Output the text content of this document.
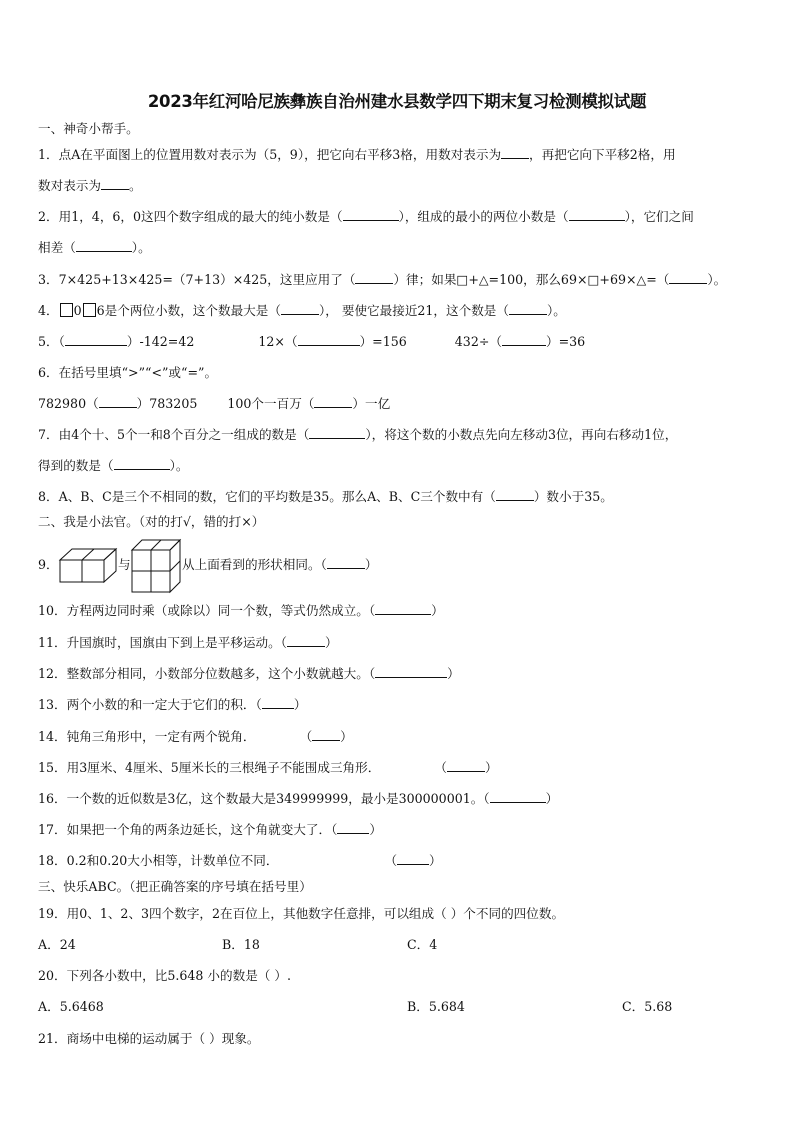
2023年红河哈尼族彝族自治州建水县数学四下期末复习检测模拟试题
一、神奇小帮手。
1．点A在平面图上的位置用数对表示为（5，9），把它向右平移3格，用数对表示为 ，再把它向下平移2格，用
数对表示为 。
2．用1，4，6，0这四个数字组成的最大的纯小数是（	），组成的最小的两位小数是（	），它们之间
相差（	）。
3．7×425+13×425=（7+13）×425，这里应用了（	）律；如果□+△=100，那么69×□+69×△=（	）。
4． 0 6是个两位小数，这个数最大是（	）， 要使它最接近21，这个数是（	）。
5．（	）-142=42	12×（	）=156	432÷（	）=36
6．在括号里填“>”“<”或“=”。
782980（	）783205 100个一百万（	）一亿
7．由4个十、5个一和8个百分之一组成的数是（	），将这个数的小数点先向左移动3位，再向右移动1位，
得到的数是（	）。
8．A、B、C是三个不相同的数，它们的平均数是35。那么A、B、C三个数中有（	）数小于35。
二、我是小法官。（对的打√，错的打×）
9．	与	从上面看到的形状相同。（	）
10．方程两边同时乘（或除以）同一个数，等式仍然成立。（	）
11．升国旗时，国旗由下到上是平移运动。（	）
12．整数部分相同，小数部分位数越多，这个小数就越大。（	）
13．两个小数的和一定大于它们的积．（	）
14．钝角三角形中，一定有两个锐角．	（ ）
15．用3厘米、4厘米、5厘米长的三根绳子不能围成三角形．	（	）
16．一个数的近似数是3亿，这个数最大是349999999，最小是300000001。（	）
17．如果把一个角的两条边延长，这个角就变大了．（	）
18．0.2和0.20大小相等，计数单位不同．	（	）
三、快乐ABC。（把正确答案的序号填在括号里）
19．用0、1、2、3四个数字，2在百位上，其他数字任意排，可以组成（ ）个不同的四位数。
A．24	B．18	C．4
20．下列各小数中，比5.648 小的数是（ ）.
A．5.6468	B．5.684	C．5.68
21．商场中电梯的运动属于（ ）现象。
